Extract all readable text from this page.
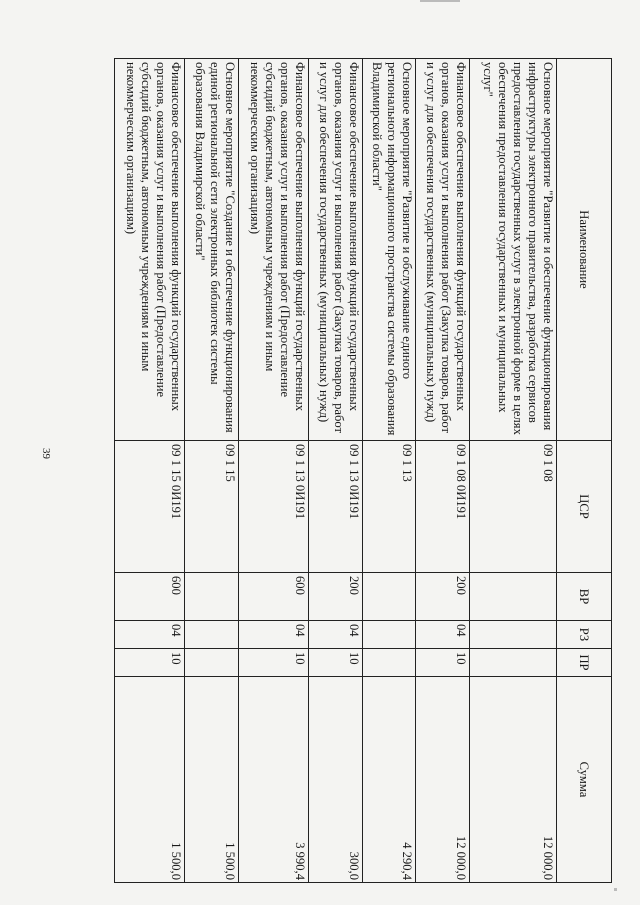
39
Наименование	ЦСР	ВР	РЗ	ПР	Сумма
Основное мероприятие "Развитие и обеспечение функционирования инфраструктуры электронного правительства, разработка сервисов предоставления государственных услуг в электронной форме в целях обеспечения предоставления государственных и муниципальных услуг"	09 1 08				12 000,0
Финансовое обеспечение выполнения функций государственных органов, оказания услуг и выполнения работ (Закупка товаров, работ и услуг для обеспечения государственных (муниципальных) нужд)	09 1 08 0И191	200	04	10	12 000,0
Основное мероприятие "Развитие и обслуживание единого регионального информационного пространства системы образования Владимирской области"	09 1 13				4 290,4
Финансовое обеспечение выполнения функций государственных органов, оказания услуг и выполнения работ (Закупка товаров, работ и услуг для обеспечения государственных (муниципальных) нужд)	09 1 13 0И191	200	04	10	300,0
Финансовое обеспечение выполнения функций государственных органов, оказания услуг и выполнения работ (Предоставление субсидий бюджетным, автономным учреждениям и иным некоммерческим организациям)	09 1 13 0И191	600	04	10	3 990,4
Основное мероприятие "Создание и обеспечение функционирования единой региональной сети электронных библиотек системы образования Владимирской области"	09 1 15				1 500,0
Финансовое обеспечение выполнения функций государственных органов, оказания услуг и выполнения работ (Предоставление субсидий бюджетным, автономным учреждениям и иным некоммерческим организациям)	09 1 15 0И191	600	04	10	1 500,0
